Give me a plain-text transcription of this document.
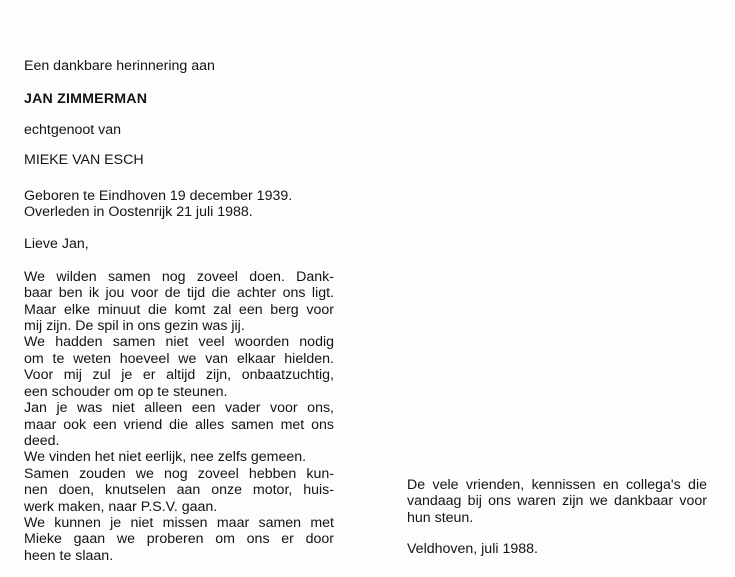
Een dankbare herinnering aan
JAN ZIMMERMAN
echtgenoot van
MIEKE VAN ESCH
Geboren te Eindhoven 19 december 1939.
Overleden in Oostenrijk 21 juli 1988.
Lieve Jan,
We wilden samen nog zoveel doen. Dank-
baar ben ik jou voor de tijd die achter ons ligt.
Maar elke minuut die komt zal een berg voor
mij zijn. De spil in ons gezin was jij.
We hadden samen niet veel woorden nodig
om te weten hoeveel we van elkaar hielden.
Voor mij zul je er altijd zijn, onbaatzuchtig,
een schouder om op te steunen.
Jan je was niet alleen een vader voor ons,
maar ook een vriend die alles samen met ons
deed.
We vinden het niet eerlijk, nee zelfs gemeen.
Samen zouden we nog zoveel hebben kun-
nen doen, knutselen aan onze motor, huis-
werk maken, naar P.S.V. gaan.
We kunnen je niet missen maar samen met
Mieke gaan we proberen om ons er door
heen te slaan.
De vele vrienden, kennissen en collega's die
vandaag bij ons waren zijn we dankbaar voor
hun steun.
Veldhoven, juli 1988.
